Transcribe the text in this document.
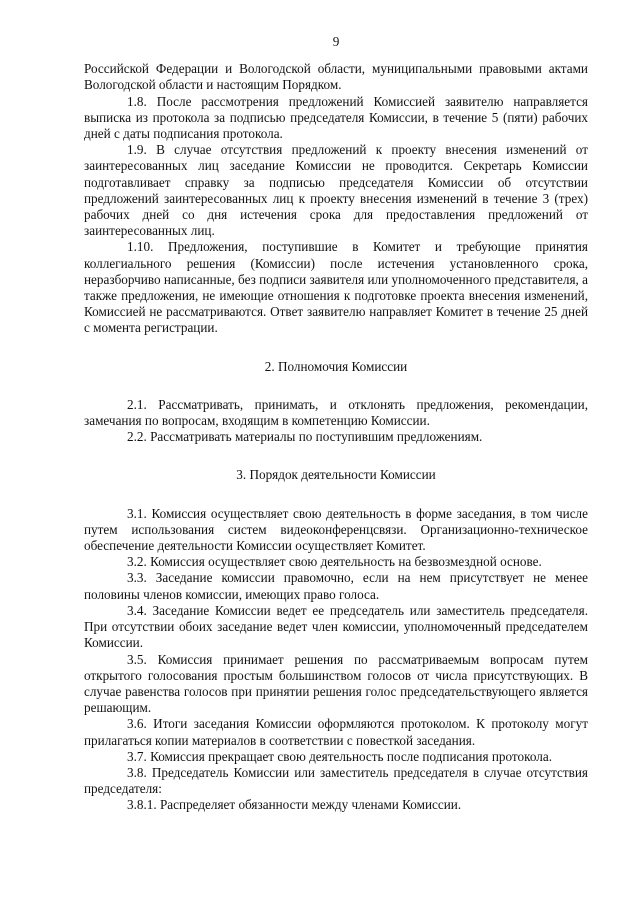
9

Российской Федерации и Вологодской области, муниципальными правовыми актами Вологодской области и настоящим Порядком.

1.8. После рассмотрения предложений Комиссией заявителю направляется выписка из протокола за подписью председателя Комиссии, в течение 5 (пяти) рабочих дней с даты подписания протокола.

1.9. В случае отсутствия предложений к проекту внесения изменений от заинтересованных лиц заседание Комиссии не проводится. Секретарь Комиссии подготавливает справку за подписью председателя Комиссии об отсутствии предложений заинтересованных лиц к проекту внесения изменений в течение 3 (трех) рабочих дней со дня истечения срока для предоставления предложений от заинтересованных лиц.

1.10. Предложения, поступившие в Комитет и требующие принятия коллегиального решения (Комиссии) после истечения установленного срока, неразборчиво написанные, без подписи заявителя или уполномоченного представителя, а также предложения, не имеющие отношения к подготовке проекта внесения изменений, Комиссией не рассматриваются. Ответ заявителю направляет Комитет в течение 25 дней с момента регистрации.

2. Полномочия Комиссии

2.1. Рассматривать, принимать, и отклонять предложения, рекомендации, замечания по вопросам, входящим в компетенцию Комиссии.

2.2. Рассматривать материалы по поступившим предложениям.

3. Порядок деятельности Комиссии

3.1. Комиссия осуществляет свою деятельность в форме заседания, в том числе путем использования систем видеоконференцсвязи. Организационно-техническое обеспечение деятельности Комиссии осуществляет Комитет.

3.2. Комиссия осуществляет свою деятельность на безвозмездной основе.

3.3. Заседание комиссии правомочно, если на нем присутствует не менее половины членов комиссии, имеющих право голоса.

3.4. Заседание Комиссии ведет ее председатель или заместитель председателя. При отсутствии обоих заседание ведет член комиссии, уполномоченный председателем Комиссии.

3.5. Комиссия принимает решения по рассматриваемым вопросам путем открытого голосования простым большинством голосов от числа присутствующих. В случае равенства голосов при принятии решения голос председательствующего является решающим.

3.6. Итоги заседания Комиссии оформляются протоколом. К протоколу могут прилагаться копии материалов в соответствии с повесткой заседания.

3.7. Комиссия прекращает свою деятельность после подписания протокола.

3.8. Председатель Комиссии или заместитель председателя в случае отсутствия председателя:

3.8.1. Распределяет обязанности между членами Комиссии.
